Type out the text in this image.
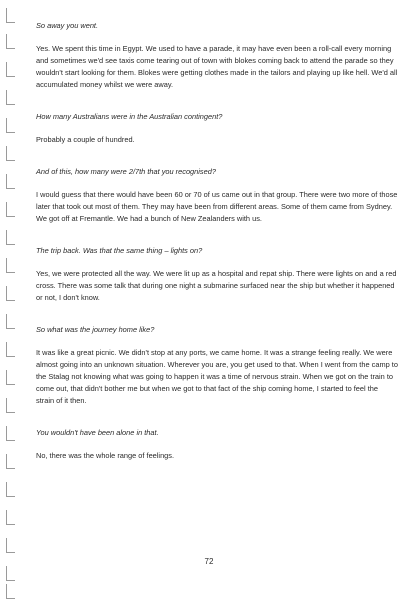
So away you went.

Yes. We spent this time in Egypt. We used to have a parade, it may have even been a roll-call every morning and sometimes we'd see taxis come tearing out of town with blokes coming back to attend the parade so they wouldn't start looking for them. Blokes were getting clothes made in the tailors and playing up like hell. We'd all accumulated money whilst we were away.

How many Australians were in the Australian contingent?

Probably a couple of hundred.

And of this, how many were 2/7th that you recognised?

I would guess that there would have been 60 or 70 of us came out in that group. There were two more of those later that took out most of them. They may have been from different areas. Some of them came from Sydney. We got off at Fremantle. We had a bunch of New Zealanders with us.

The trip back. Was that the same thing – lights on?

Yes, we were protected all the way. We were lit up as a hospital and repat ship. There were lights on and a red cross. There was some talk that during one night a submarine surfaced near the ship but whether it happened or not, I don't know.

So what was the journey home like?

It was like a great picnic. We didn't stop at any ports, we came home. It was a strange feeling really. We were almost going into an unknown situation. Wherever you are, you get used to that. When I went from the camp to the Stalag not knowing what was going to happen it was a time of nervous strain. When we got on the train to come out, that didn't bother me but when we got to that fact of the ship coming home, I started to feel the strain of it then.

You wouldn't have been alone in that.

No, there was the whole range of feelings.

72
